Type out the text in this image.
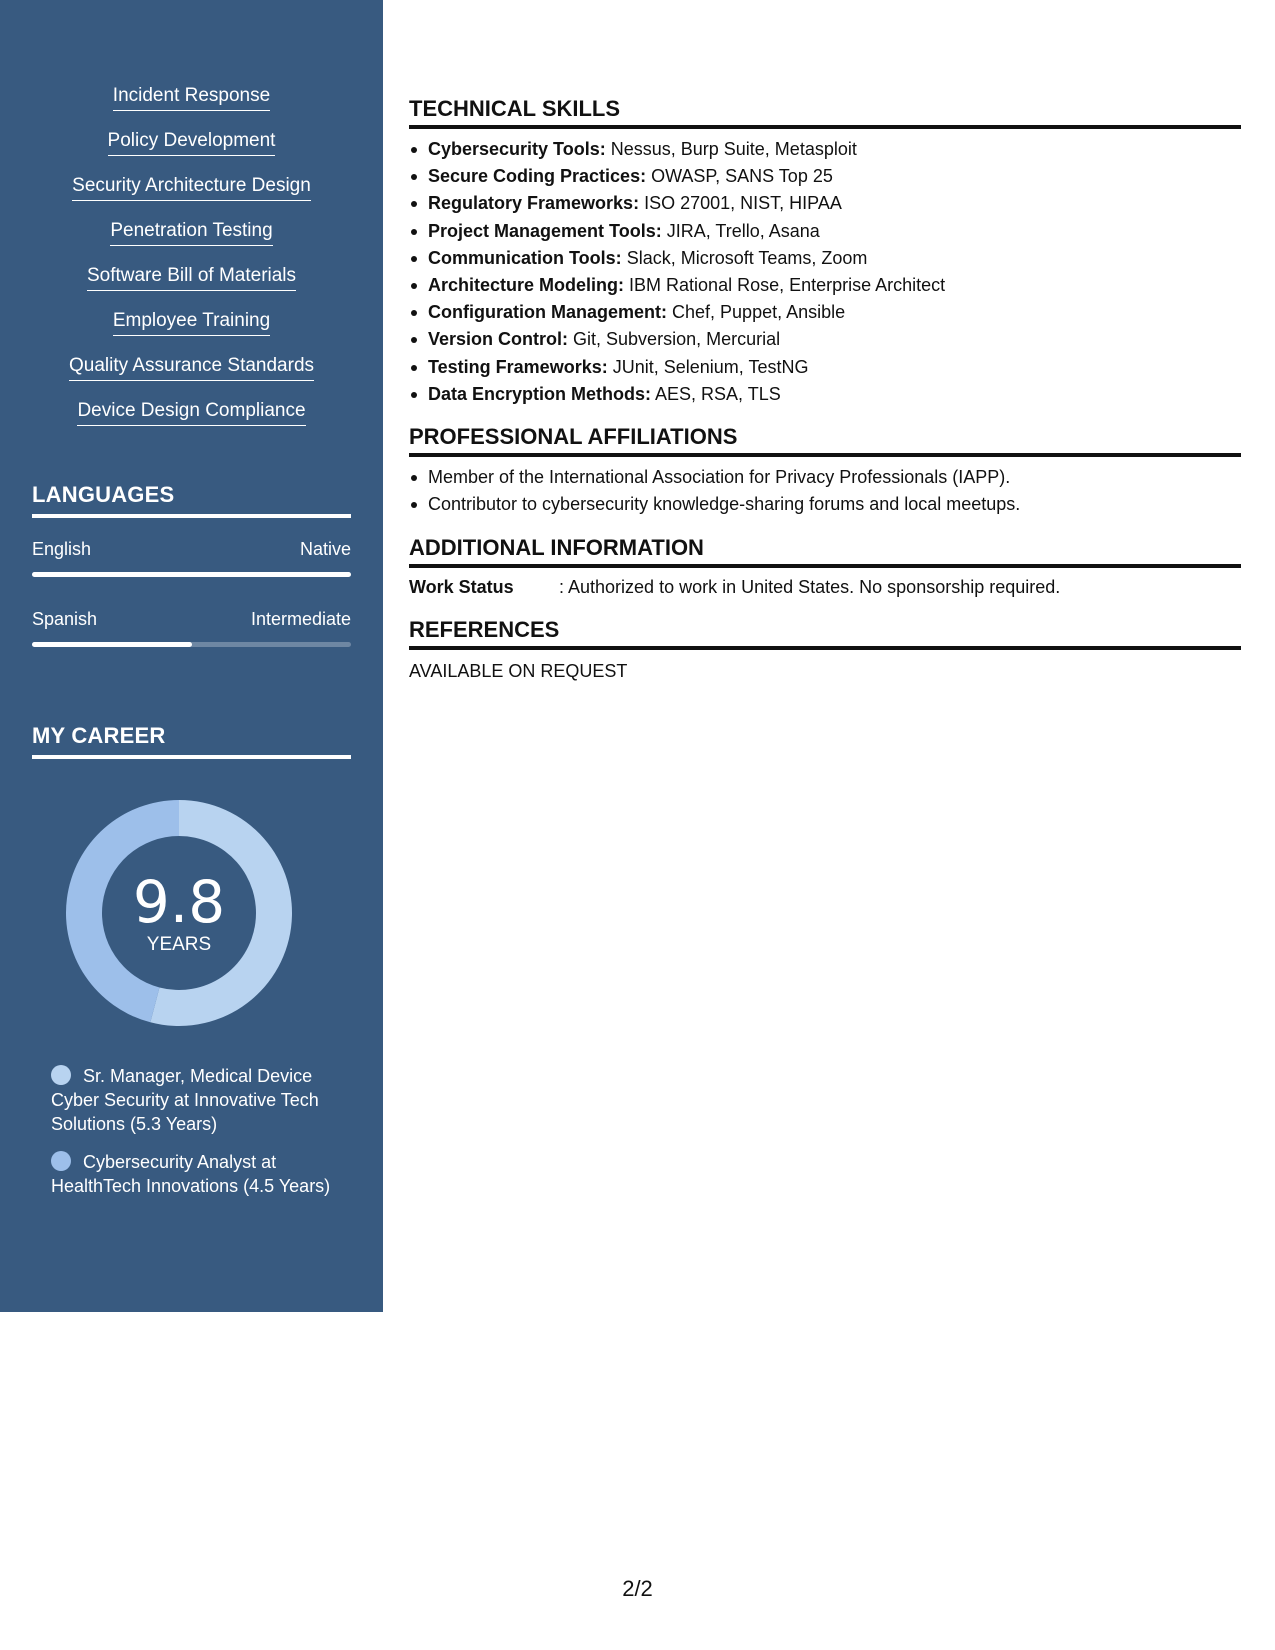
Incident Response
Policy Development
Security Architecture Design
Penetration Testing
Software Bill of Materials
Employee Training
Quality Assurance Standards
Device Design Compliance
LANGUAGES
English	Native
Spanish	Intermediate
MY CAREER
9.8
YEARS
Sr. Manager, Medical Device Cyber Security at Innovative Tech Solutions (5.3 Years)
Cybersecurity Analyst at HealthTech Innovations (4.5 Years)
TECHNICAL SKILLS
Cybersecurity Tools: Nessus, Burp Suite, Metasploit
Secure Coding Practices: OWASP, SANS Top 25
Regulatory Frameworks: ISO 27001, NIST, HIPAA
Project Management Tools: JIRA, Trello, Asana
Communication Tools: Slack, Microsoft Teams, Zoom
Architecture Modeling: IBM Rational Rose, Enterprise Architect
Configuration Management: Chef, Puppet, Ansible
Version Control: Git, Subversion, Mercurial
Testing Frameworks: JUnit, Selenium, TestNG
Data Encryption Methods: AES, RSA, TLS
PROFESSIONAL AFFILIATIONS
Member of the International Association for Privacy Professionals (IAPP).
Contributor to cybersecurity knowledge-sharing forums and local meetups.
ADDITIONAL INFORMATION
Work Status	: Authorized to work in United States. No sponsorship required.
REFERENCES
AVAILABLE ON REQUEST
2/2
